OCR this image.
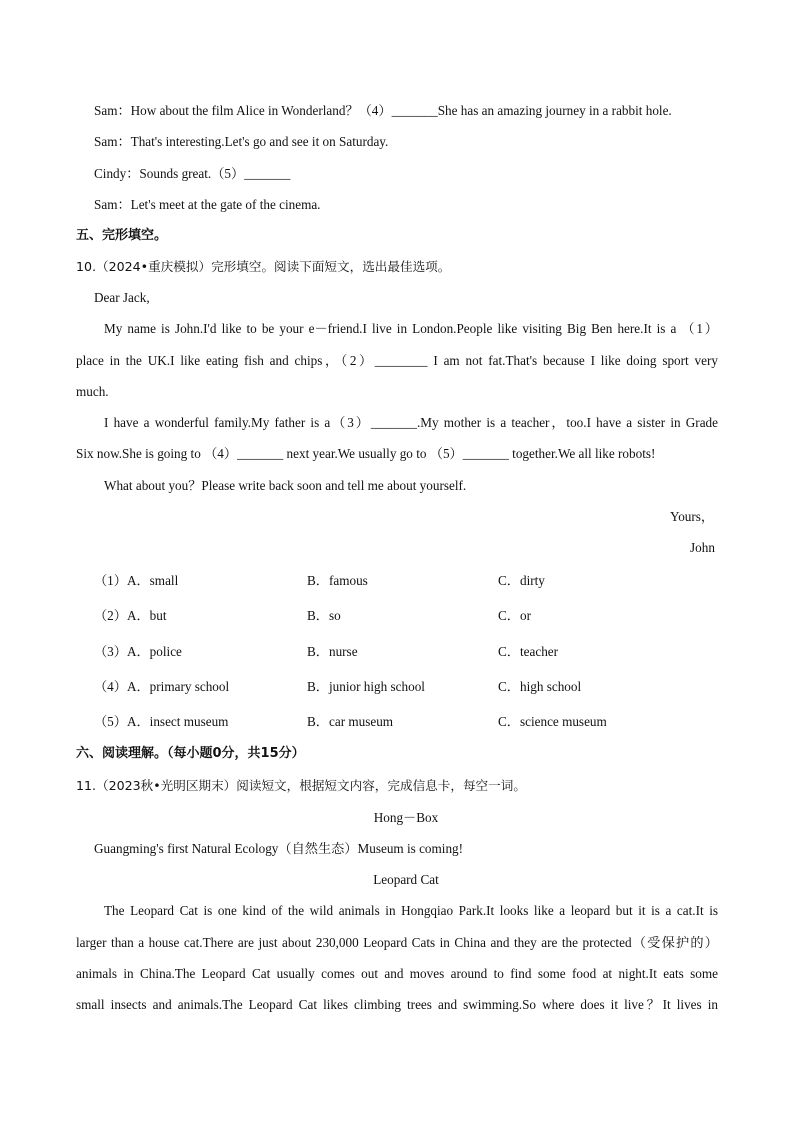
Sam：How about the film Alice in Wonderland？（4）_______She has an amazing journey in a rabbit hole.
Sam：That's interesting.Let's go and see it on Saturday.
Cindy：Sounds great.（5）_______
Sam：Let's meet at the gate of the cinema.
五、完形填空。
10.（2024•重庆模拟）完形填空。阅读下面短文，选出最佳选项。
Dear Jack,
My name is John.I'd like to be your e－friend.I live in London.People like visiting Big Ben here.It is a （1）
place in the UK.I like eating fish and chips，（2）________ I am not fat.That's because I like doing sport very
much.
I have a wonderful family.My father is a（3）_______.My mother is a teacher，too.I have a sister in Grade
Six now.She is going to （4）_______ next year.We usually go to （5）_______ together.We all like robots!
What about you？Please write back soon and tell me about yourself.
Yours，
John
（1）A．small	B．famous	C．dirty
（2）A．but	B．so	C．or
（3）A．police	B．nurse	C．teacher
（4）A．primary school	B．junior high school	C．high school
（5）A．insect museum	B．car museum	C．science museum
六、阅读理解。（每小题0分，共15分）
11.（2023秋•光明区期末）阅读短文，根据短文内容，完成信息卡，每空一词。
Hong－Box
Guangming's first Natural Ecology（自然生态）Museum is coming!
Leopard Cat
The Leopard Cat is one kind of the wild animals in Hongqiao Park.It looks like a leopard but it is a cat.It is
larger than a house cat.There are just about 230,000 Leopard Cats in China and they are the protected（受保护的）
animals in China.The Leopard Cat usually comes out and moves around to find some food at night.It eats some
small insects and animals.The Leopard Cat likes climbing trees and swimming.So where does it live？It lives in
